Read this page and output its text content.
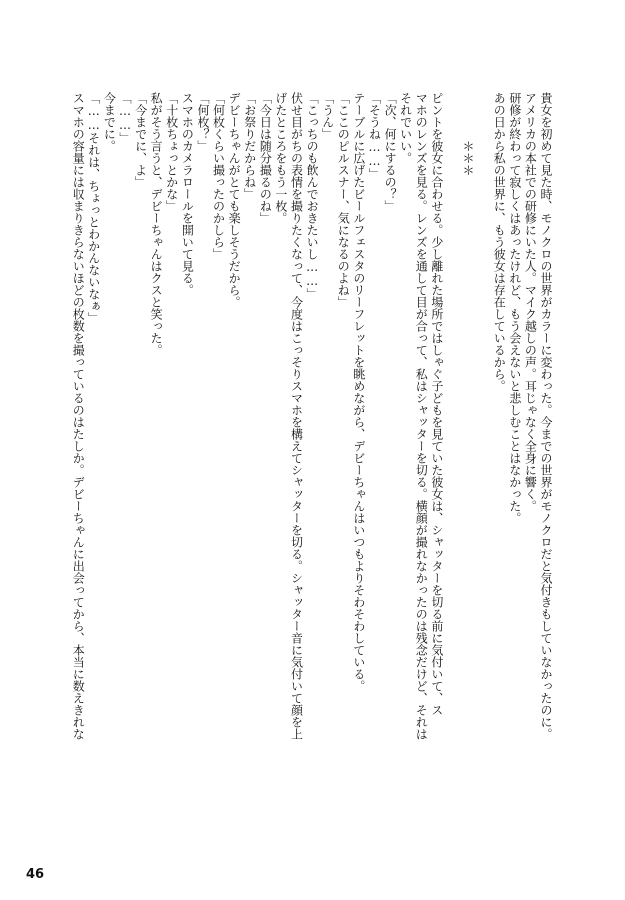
貴女を初めて見た時、モノクロの世界がカラーに変わった。今までの世界がモノクロだと気付きもしていなかったのに。
アメリカの本社での研修にいた人。マイク越しの声。耳じゃなく全身に響く。
研修が終わって寂しくはあったけれど、もう会えないと悲しむことはなかった。
あの日から私の世界に、もう彼女は存在しているから。

　　　　＊＊＊

ピントを彼女に合わせる。少し離れた場所ではしゃぐ子どもを見ていた彼女は、シャッターを切る前に気付いて、ス
マホのレンズを見る。レンズを通して目が合って、私はシャッターを切る。横顔が撮れなかったのは残念だけど、それは
それでいい。
「次、何にするの？」
「そうね……」
テーブルに広げたビールフェスタのリーフレットを眺めながら、デビーちゃんはいつもよりそわそわしている。
「ここのピルスナー、気になるのよね」
「うん」
「こっちのも飲んでおきたいし……」
伏せ目がちの表情を撮りたくなって、今度はこっそりスマホを構えてシャッターを切る。シャッター音に気付いて顔を上
げたところをもう一枚。
「今日は随分撮るのね」
「お祭りだからね」
デビーちゃんがとても楽しそうだから。
「何枚くらい撮ったのかしら」
「何枚？」
スマホのカメラロールを開いて見る。
「十枚ちょっとかな」
私がそう言うと、デビーちゃんはクスと笑った。
「今までに、よ」
「……」
今までに。
「……それは、ちょっとわかんないなぁ」
スマホの容量には収まりきらないほどの枚数を撮っているのはたしか。デビーちゃんに出会ってから、本当に数えきれな
46
